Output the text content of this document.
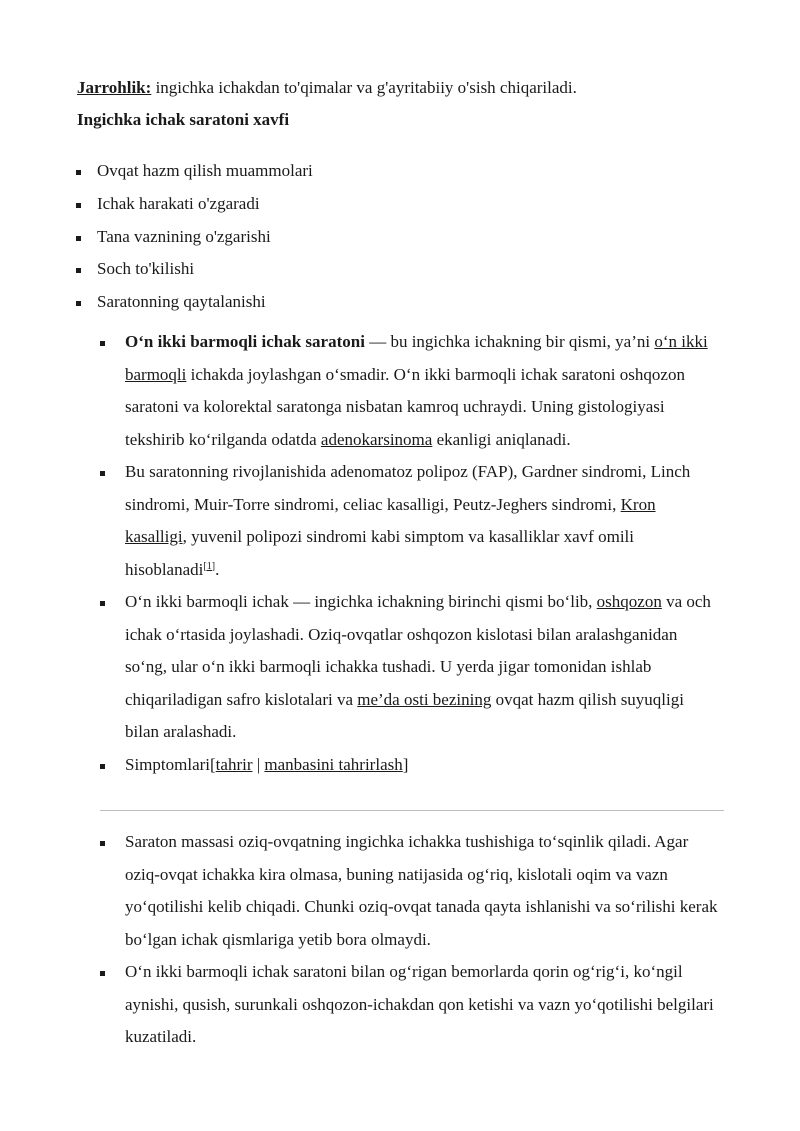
Jarrohlik: ingichka ichakdan to'qimalar va g'ayritabiiy o'sish chiqariladi.
Ingichka ichak saratoni xavfi
Ovqat hazm qilish muammolari
Ichak harakati o'zgaradi
Tana vaznining o'zgarishi
Soch to'kilishi
Saratonning qaytalanishi
O‘n ikki barmoqli ichak saratoni — bu ingichka ichakning bir qismi, ya’ni o‘n ikki barmoqli ichakda joylashgan o‘smadir. O‘n ikki barmoqli ichak saratoni oshqozon saratoni va kolorektal saratonga nisbatan kamroq uchraydi. Uning gistologiyasi tekshirib ko‘rilganda odatda adenokarsinoma ekanligi aniqlanadi.
Bu saratonning rivojlanishida adenomatoz polipoz (FAP), Gardner sindromi, Linch sindromi, Muir-Torre sindromi, celiac kasalligi, Peutz-Jeghers sindromi, Kron kasalligi, yuvenil polipozi sindromi kabi simptom va kasalliklar xavf omili hisoblanadi[1].
O‘n ikki barmoqli ichak — ingichka ichakning birinchi qismi bo‘lib, oshqozon va och ichak o‘rtasida joylashadi. Oziq-ovqatlar oshqozon kislotasi bilan aralashganidan so‘ng, ular o‘n ikki barmoqli ichakka tushadi. U yerda jigar tomonidan ishlab chiqariladigan safro kislotalari va me’da osti bezining ovqat hazm qilish suyuqligi bilan aralashadi.
Simptomlari[tahrir | manbasini tahrirlash]
Saraton massasi oziq-ovqatning ingichka ichakka tushishiga to‘sqinlik qiladi. Agar oziq-ovqat ichakka kira olmasa, buning natijasida og‘riq, kislotali oqim va vazn yo‘qotilishi kelib chiqadi. Chunki oziq-ovqat tanada qayta ishlanishi va so‘rilishi kerak bo‘lgan ichak qismlariga yetib bora olmaydi.
O‘n ikki barmoqli ichak saratoni bilan og‘rigan bemorlarda qorin og‘rig‘i, ko‘ngil aynishi, qusish, surunkali oshqozon-ichakdan qon ketishi va vazn yo‘qotilishi belgilari kuzatiladi.
